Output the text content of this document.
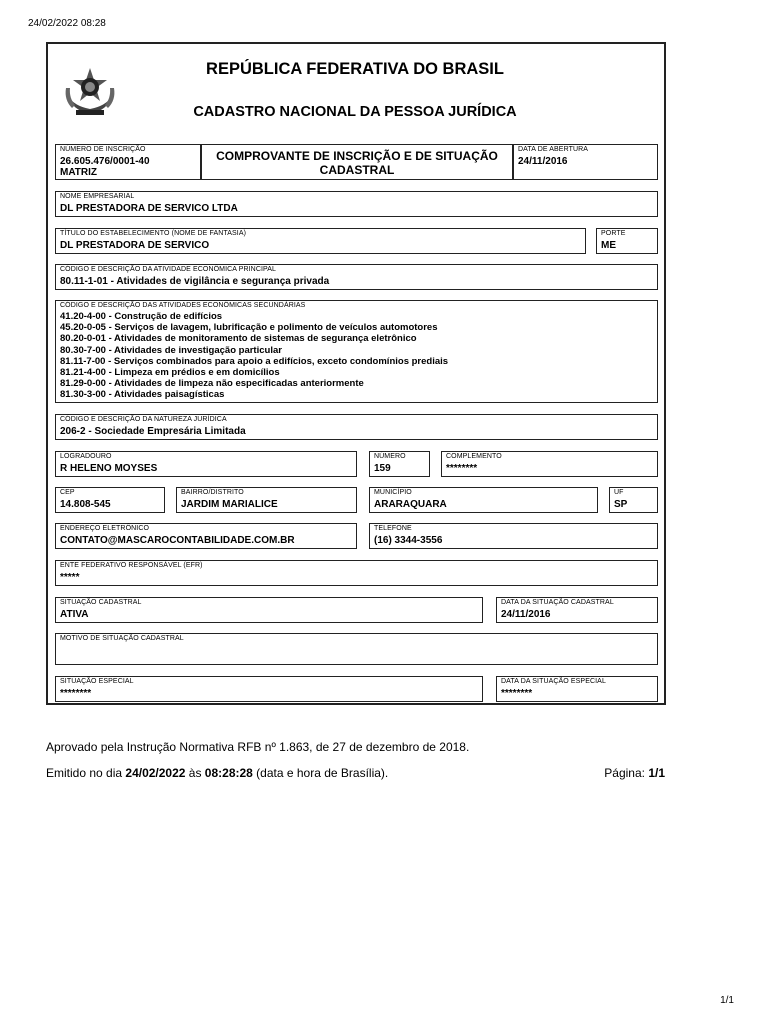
24/02/2022 08:28
REPÚBLICA FEDERATIVA DO BRASIL
CADASTRO NACIONAL DA PESSOA JURÍDICA
NÚMERO DE INSCRIÇÃO
26.605.476/0001-40
MATRIZ
COMPROVANTE DE INSCRIÇÃO E DE SITUAÇÃO
CADASTRAL
DATA DE ABERTURA
24/11/2016
NOME EMPRESARIAL
DL PRESTADORA DE SERVICO LTDA
TÍTULO DO ESTABELECIMENTO (NOME DE FANTASIA)
DL PRESTADORA DE SERVICO
PORTE
ME
CÓDIGO E DESCRIÇÃO DA ATIVIDADE ECONÔMICA PRINCIPAL
80.11-1-01 - Atividades de vigilância e segurança privada
CÓDIGO E DESCRIÇÃO DAS ATIVIDADES ECONÔMICAS SECUNDÁRIAS
41.20-4-00 - Construção de edifícios
45.20-0-05 - Serviços de lavagem, lubrificação e polimento de veículos automotores
80.20-0-01 - Atividades de monitoramento de sistemas de segurança eletrônico
80.30-7-00 - Atividades de investigação particular
81.11-7-00 - Serviços combinados para apoio a edifícios, exceto condomínios prediais
81.21-4-00 - Limpeza em prédios e em domicílios
81.29-0-00 - Atividades de limpeza não especificadas anteriormente
81.30-3-00 - Atividades paisagísticas
CÓDIGO E DESCRIÇÃO DA NATUREZA JURÍDICA
206-2 - Sociedade Empresária Limitada
LOGRADOURO
R HELENO MOYSES
NÚMERO
159
COMPLEMENTO
********
CEP
14.808-545
BAIRRO/DISTRITO
JARDIM MARIALICE
MUNICÍPIO
ARARAQUARA
UF
SP
ENDEREÇO ELETRÔNICO
CONTATO@MASCAROCONTABILIDADE.COM.BR
TELEFONE
(16) 3344-3556
ENTE FEDERATIVO RESPONSÁVEL (EFR)
*****
SITUAÇÃO CADASTRAL
ATIVA
DATA DA SITUAÇÃO CADASTRAL
24/11/2016
MOTIVO DE SITUAÇÃO CADASTRAL
SITUAÇÃO ESPECIAL
********
DATA DA SITUAÇÃO ESPECIAL
********
Aprovado pela Instrução Normativa RFB nº 1.863, de 27 de dezembro de 2018.
Emitido no dia 24/02/2022 às 08:28:28 (data e hora de Brasília).	Página: 1/1
1/1
